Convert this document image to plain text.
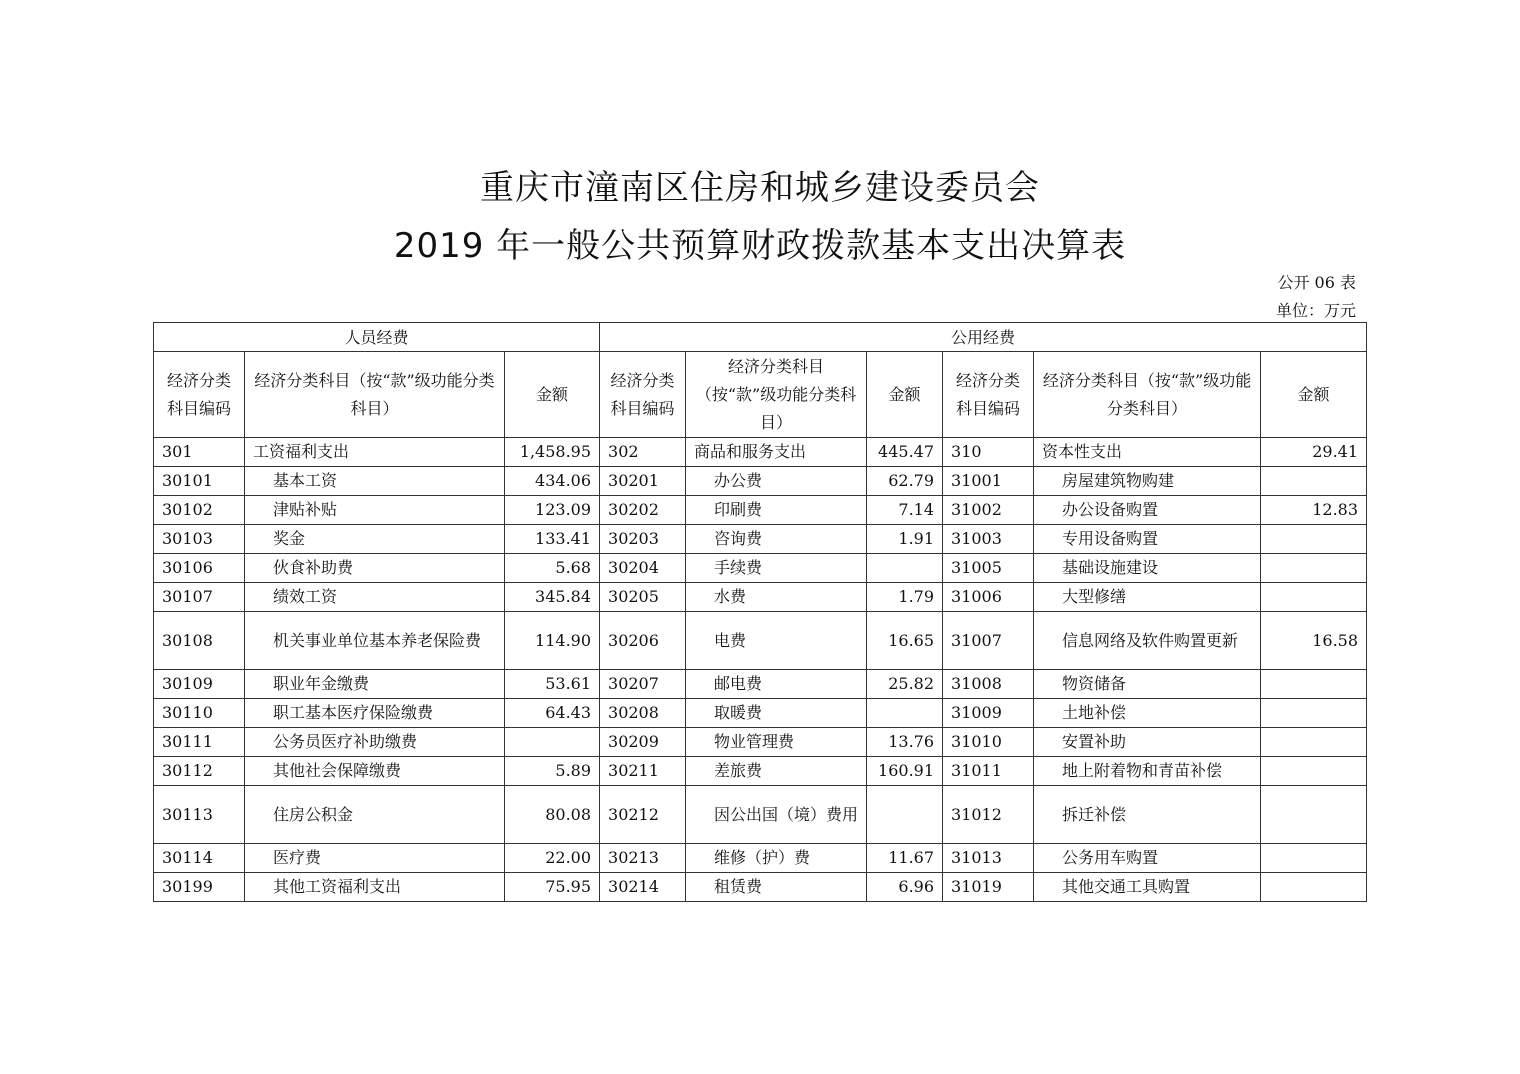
重庆市潼南区住房和城乡建设委员会
2019 年一般公共预算财政拨款基本支出决算表
公开 06 表
单位：万元
人员经费			公用经费					
经济分类科目编码	经济分类科目（按“款”级功能分类科目）	金额	经济分类科目编码	经济分类科目（按“款”级功能分类科目）	金额	经济分类科目编码	经济分类科目（按“款”级功能分类科目）	金额
301	工资福利支出	1,458.95	302	商品和服务支出	445.47	310	资本性支出	29.41
30101	基本工资	434.06	30201	办公费	62.79	31001	房屋建筑物购建	
30102	津贴补贴	123.09	30202	印刷费	7.14	31002	办公设备购置	12.83
30103	奖金	133.41	30203	咨询费	1.91	31003	专用设备购置	
30106	伙食补助费	5.68	30204	手续费		31005	基础设施建设	
30107	绩效工资	345.84	30205	水费	1.79	31006	大型修缮	
30108	机关事业单位基本养老保险费	114.90	30206	电费	16.65	31007	信息网络及软件购置更新	16.58
30109	职业年金缴费	53.61	30207	邮电费	25.82	31008	物资储备	
30110	职工基本医疗保险缴费	64.43	30208	取暖费		31009	土地补偿	
30111	公务员医疗补助缴费		30209	物业管理费	13.76	31010	安置补助	
30112	其他社会保障缴费	5.89	30211	差旅费	160.91	31011	地上附着物和青苗补偿	
30113	住房公积金	80.08	30212	因公出国（境）费用		31012	拆迁补偿	
30114	医疗费	22.00	30213	维修（护）费	11.67	31013	公务用车购置	
30199	其他工资福利支出	75.95	30214	租赁费	6.96	31019	其他交通工具购置	
